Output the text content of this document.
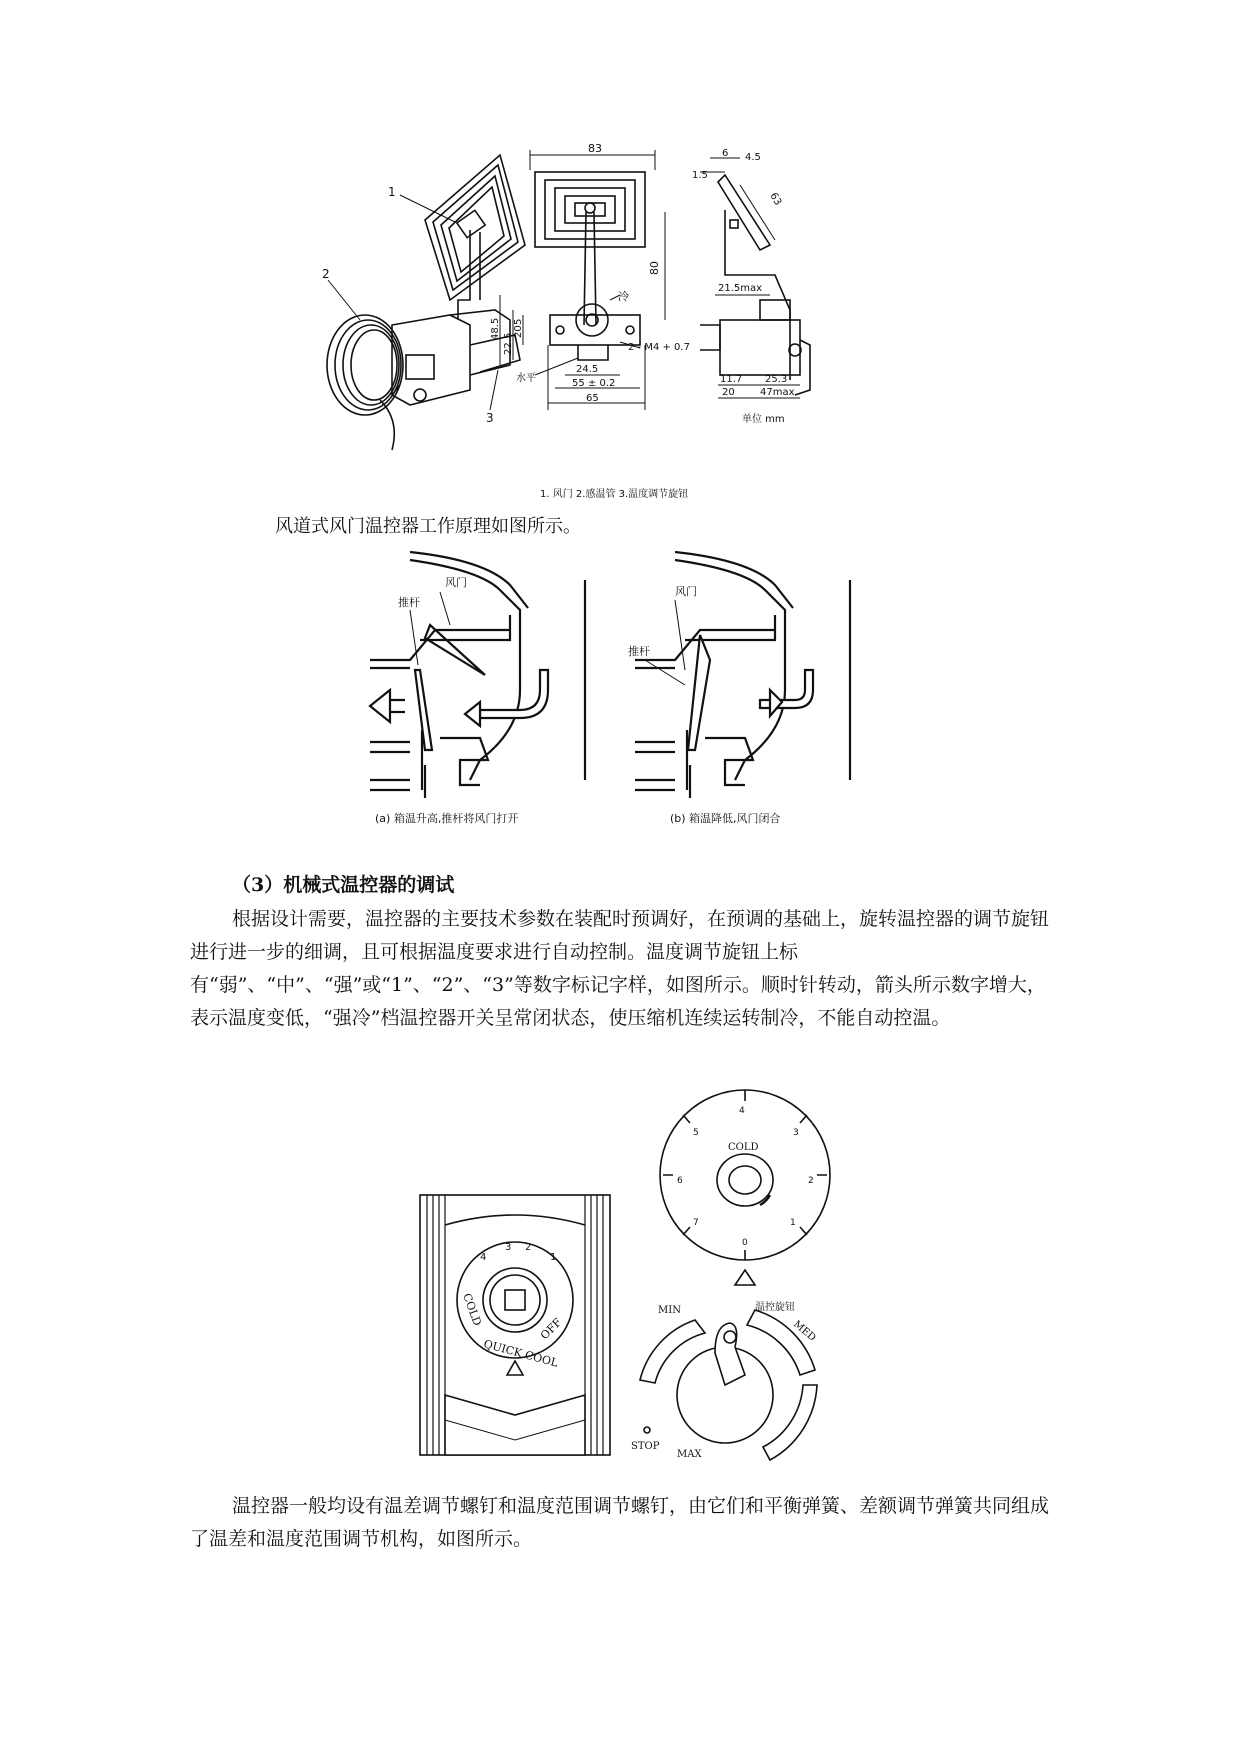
1
2
3
83
80
48.5
22.5
20
5
24.5
55 ± 0.2
65
2 - M4 + 0.7
冷
水平
6 4.5
1.5
63
21.5max
11.7 25.3
20	47max
单位 mm
1. 风门 2.感温管 3.温度调节旋钮
风道式风门温控器工作原理如图所示。
风门
推杆
(a) 箱温升高,推杆将风门打开
风门
推杆
(b) 箱温降低,风门闭合
（3）机械式温控器的调试
根据设计需要，温控器的主要技术参数在装配时预调好，在预调的基础上，旋转温控器的调节旋钮进行进一步的细调，且可根据温度要求进行自动控制。温度调节旋钮上标有“弱”、“中”、“强”或“1”、“2”、“3”等数字标记字样，如图所示。顺时针转动，箭头所示数字增大，表示温度变低，“强冷”档温控器开关呈常闭状态，使压缩机连续运转制冷，不能自动控温。
4
3 2
1
COLD
QUICK COOL
OFF
4
3
2
1
0
7
6
5
COLD
温控旋钮
MIN
MED
MAX
STOP
温控器一般均设有温差调节螺钉和温度范围调节螺钉，由它们和平衡弹簧、差额调节弹簧共同组成了温差和温度范围调节机构，如图所示。
